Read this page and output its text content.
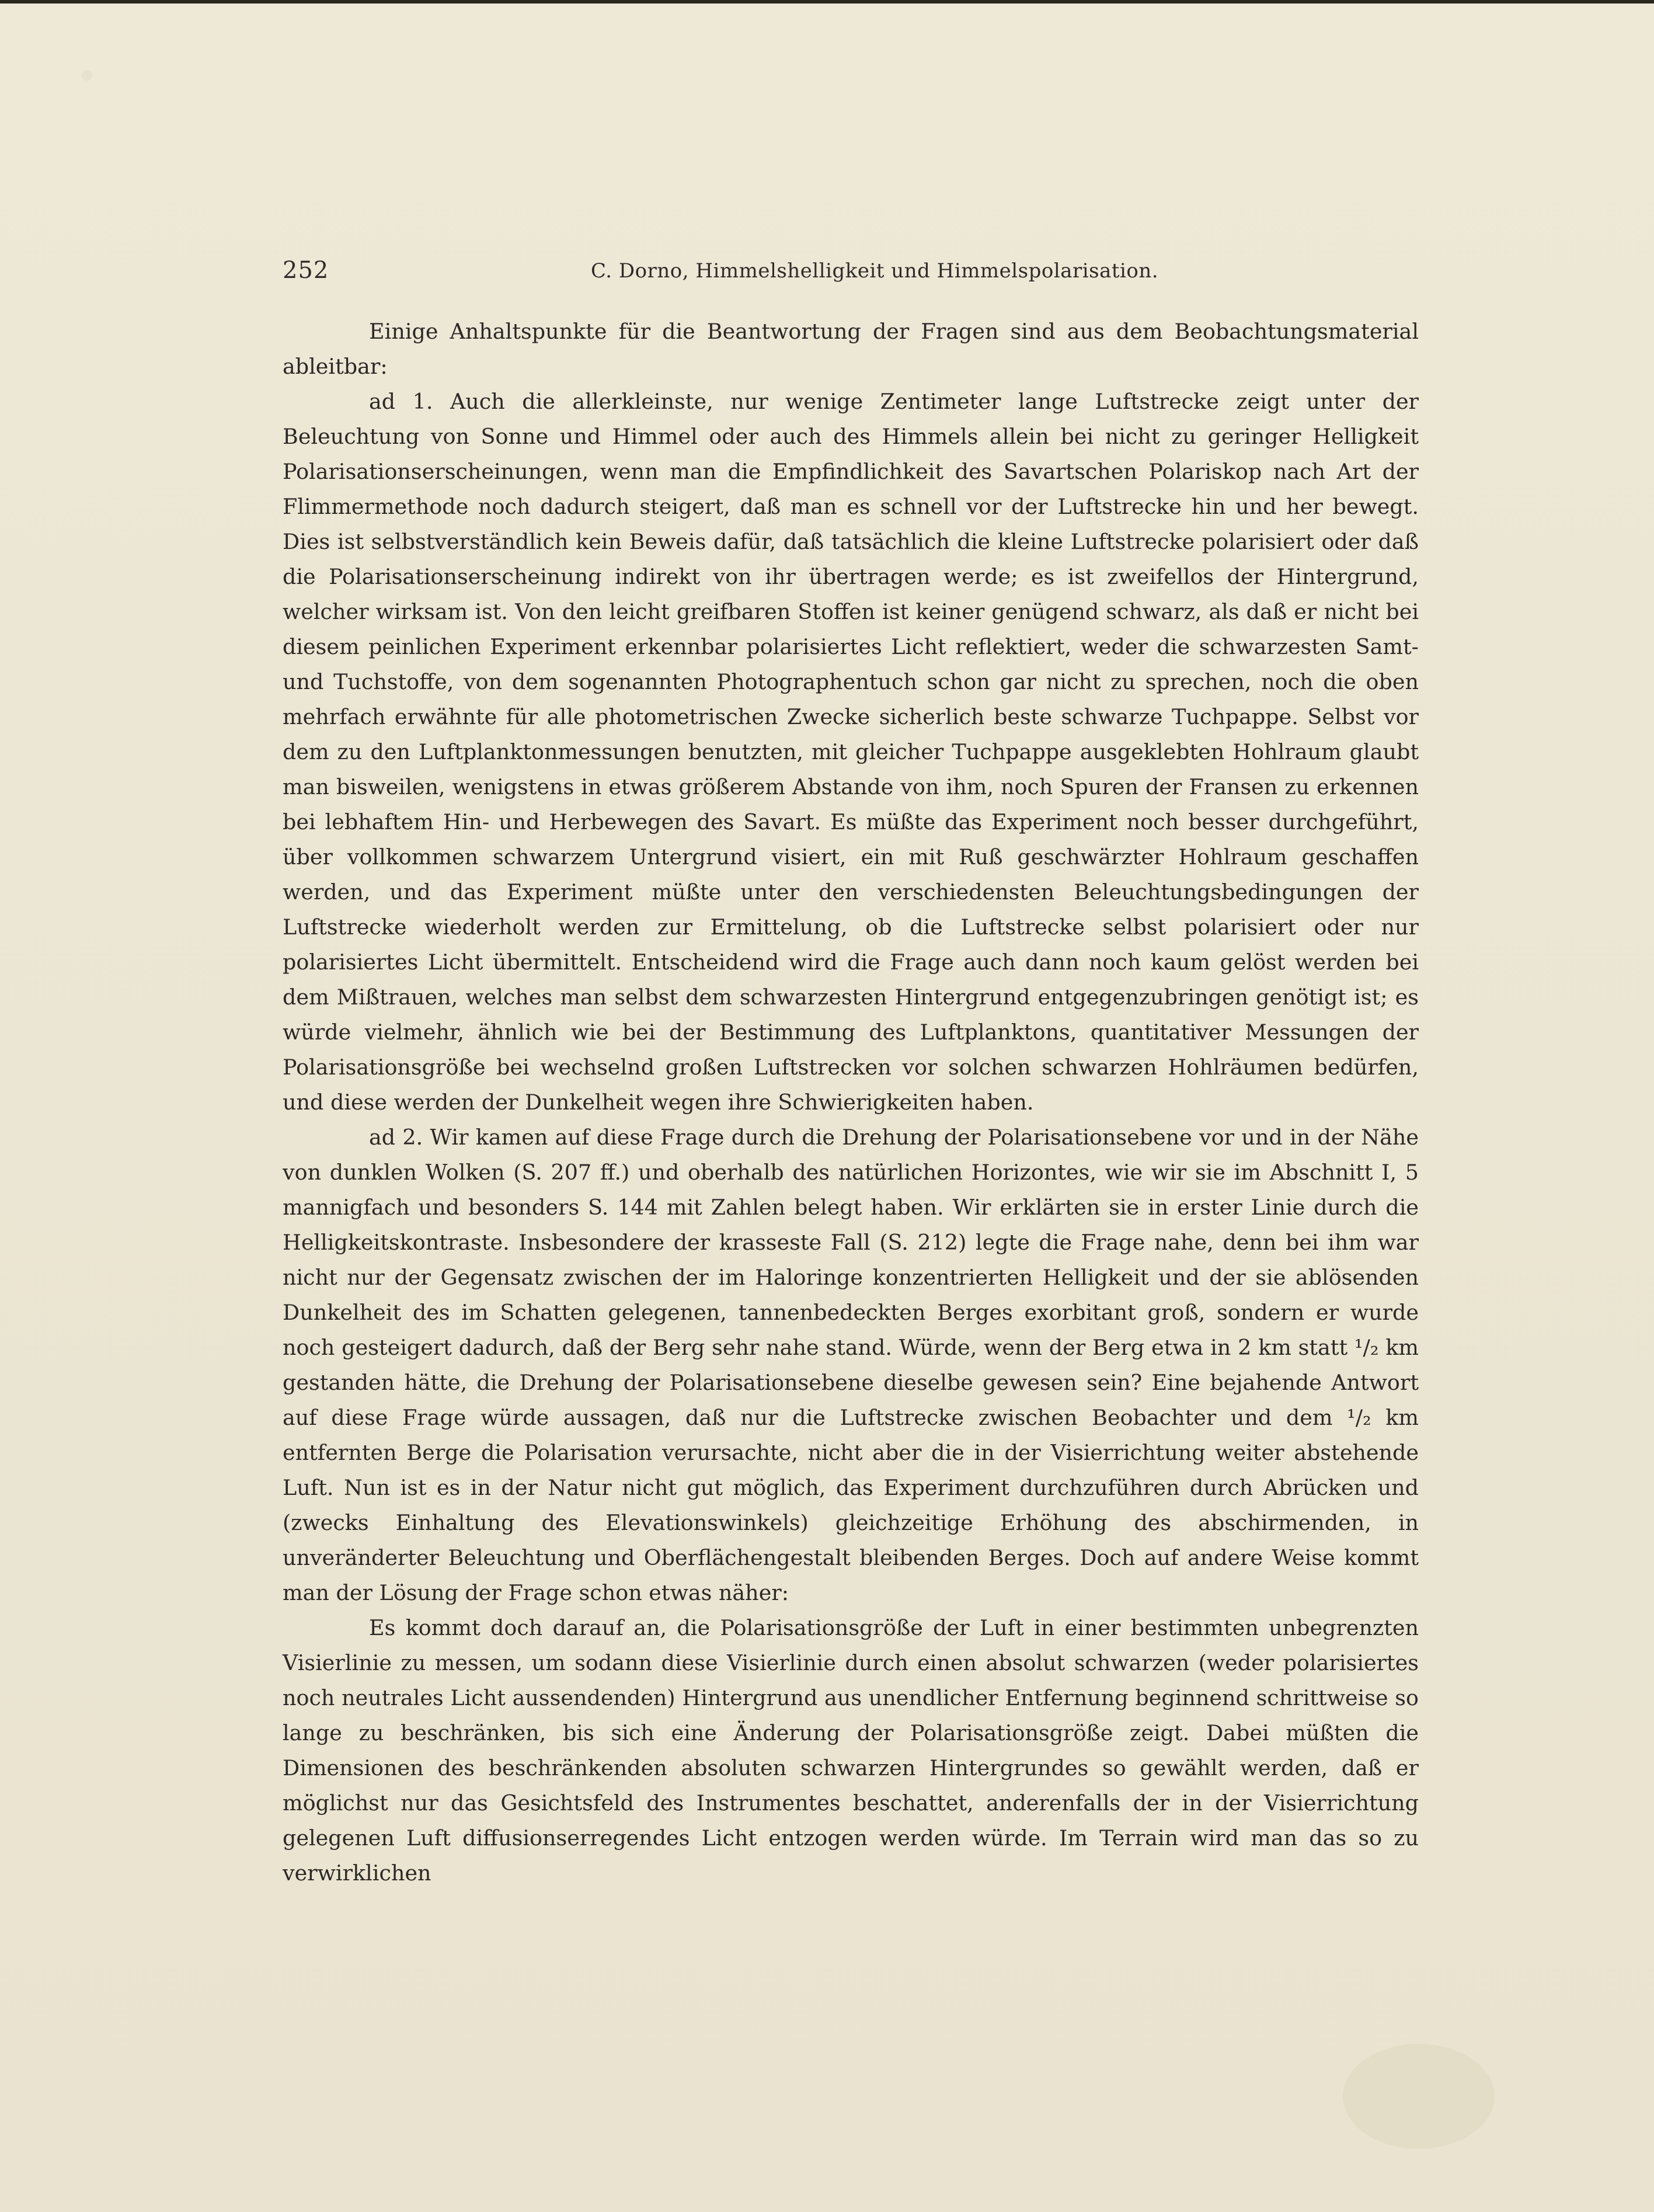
252	C. Dorno, Himmelshelligkeit und Himmelspolarisation.

Einige Anhaltspunkte für die Beantwortung der Fragen sind aus dem Beobachtungsmaterial ableitbar:

ad 1. Auch die allerkleinste, nur wenige Zentimeter lange Luftstrecke zeigt unter der Beleuchtung von Sonne und Himmel oder auch des Himmels allein bei nicht zu geringer Helligkeit Polarisationserscheinungen, wenn man die Empfindlichkeit des Savartschen Polariskop nach Art der Flimmermethode noch dadurch steigert, daß man es schnell vor der Luftstrecke hin und her bewegt. Dies ist selbstverständlich kein Beweis dafür, daß tatsächlich die kleine Luftstrecke polarisiert oder daß die Polarisationserscheinung indirekt von ihr übertragen werde; es ist zweifellos der Hintergrund, welcher wirksam ist. Von den leicht greifbaren Stoffen ist keiner genügend schwarz, als daß er nicht bei diesem peinlichen Experiment erkennbar polarisiertes Licht reflektiert, weder die schwarzesten Samt- und Tuchstoffe, von dem sogenannten Photographentuch schon gar nicht zu sprechen, noch die oben mehrfach erwähnte für alle photometrischen Zwecke sicherlich beste schwarze Tuchpappe. Selbst vor dem zu den Luftplanktonmessungen benutzten, mit gleicher Tuchpappe ausgeklebten Hohlraum glaubt man bisweilen, wenigstens in etwas größerem Abstande von ihm, noch Spuren der Fransen zu erkennen bei lebhaftem Hin- und Herbewegen des Savart. Es müßte das Experiment noch besser durchgeführt, über vollkommen schwarzem Untergrund visiert, ein mit Ruß geschwärzter Hohlraum geschaffen werden, und das Experiment müßte unter den verschiedensten Beleuchtungsbedingungen der Luftstrecke wiederholt werden zur Ermittelung, ob die Luftstrecke selbst polarisiert oder nur polarisiertes Licht übermittelt. Entscheidend wird die Frage auch dann noch kaum gelöst werden bei dem Mißtrauen, welches man selbst dem schwarzesten Hintergrund entgegenzubringen genötigt ist; es würde vielmehr, ähnlich wie bei der Bestimmung des Luftplanktons, quantitativer Messungen der Polarisationsgröße bei wechselnd großen Luftstrecken vor solchen schwarzen Hohlräumen bedürfen, und diese werden der Dunkelheit wegen ihre Schwierigkeiten haben.

ad 2. Wir kamen auf diese Frage durch die Drehung der Polarisationsebene vor und in der Nähe von dunklen Wolken (S. 207 ff.) und oberhalb des natürlichen Horizontes, wie wir sie im Abschnitt I, 5 mannigfach und besonders S. 144 mit Zahlen belegt haben. Wir erklärten sie in erster Linie durch die Helligkeitskontraste. Insbesondere der krasseste Fall (S. 212) legte die Frage nahe, denn bei ihm war nicht nur der Gegensatz zwischen der im Haloringe konzentrierten Helligkeit und der sie ablösenden Dunkelheit des im Schatten gelegenen, tannenbedeckten Berges exorbitant groß, sondern er wurde noch gesteigert dadurch, daß der Berg sehr nahe stand. Würde, wenn der Berg etwa in 2 km statt ¹/₂ km gestanden hätte, die Drehung der Polarisationsebene dieselbe gewesen sein? Eine bejahende Antwort auf diese Frage würde aussagen, daß nur die Luftstrecke zwischen Beobachter und dem ¹/₂ km entfernten Berge die Polarisation verursachte, nicht aber die in der Visierrichtung weiter abstehende Luft. Nun ist es in der Natur nicht gut möglich, das Experiment durchzuführen durch Abrücken und (zwecks Einhaltung des Elevationswinkels) gleichzeitige Erhöhung des abschirmenden, in unveränderter Beleuchtung und Oberflächengestalt bleibenden Berges. Doch auf andere Weise kommt man der Lösung der Frage schon etwas näher:

Es kommt doch darauf an, die Polarisationsgröße der Luft in einer bestimmten unbegrenzten Visierlinie zu messen, um sodann diese Visierlinie durch einen absolut schwarzen (weder polarisiertes noch neutrales Licht aussendenden) Hintergrund aus unendlicher Entfernung beginnend schrittweise so lange zu beschränken, bis sich eine Änderung der Polarisationsgröße zeigt. Dabei müßten die Dimensionen des beschränkenden absoluten schwarzen Hintergrundes so gewählt werden, daß er möglichst nur das Gesichtsfeld des Instrumentes beschattet, anderenfalls der in der Visierrichtung gelegenen Luft diffusionserregendes Licht entzogen werden würde. Im Terrain wird man das so zu verwirklichen
